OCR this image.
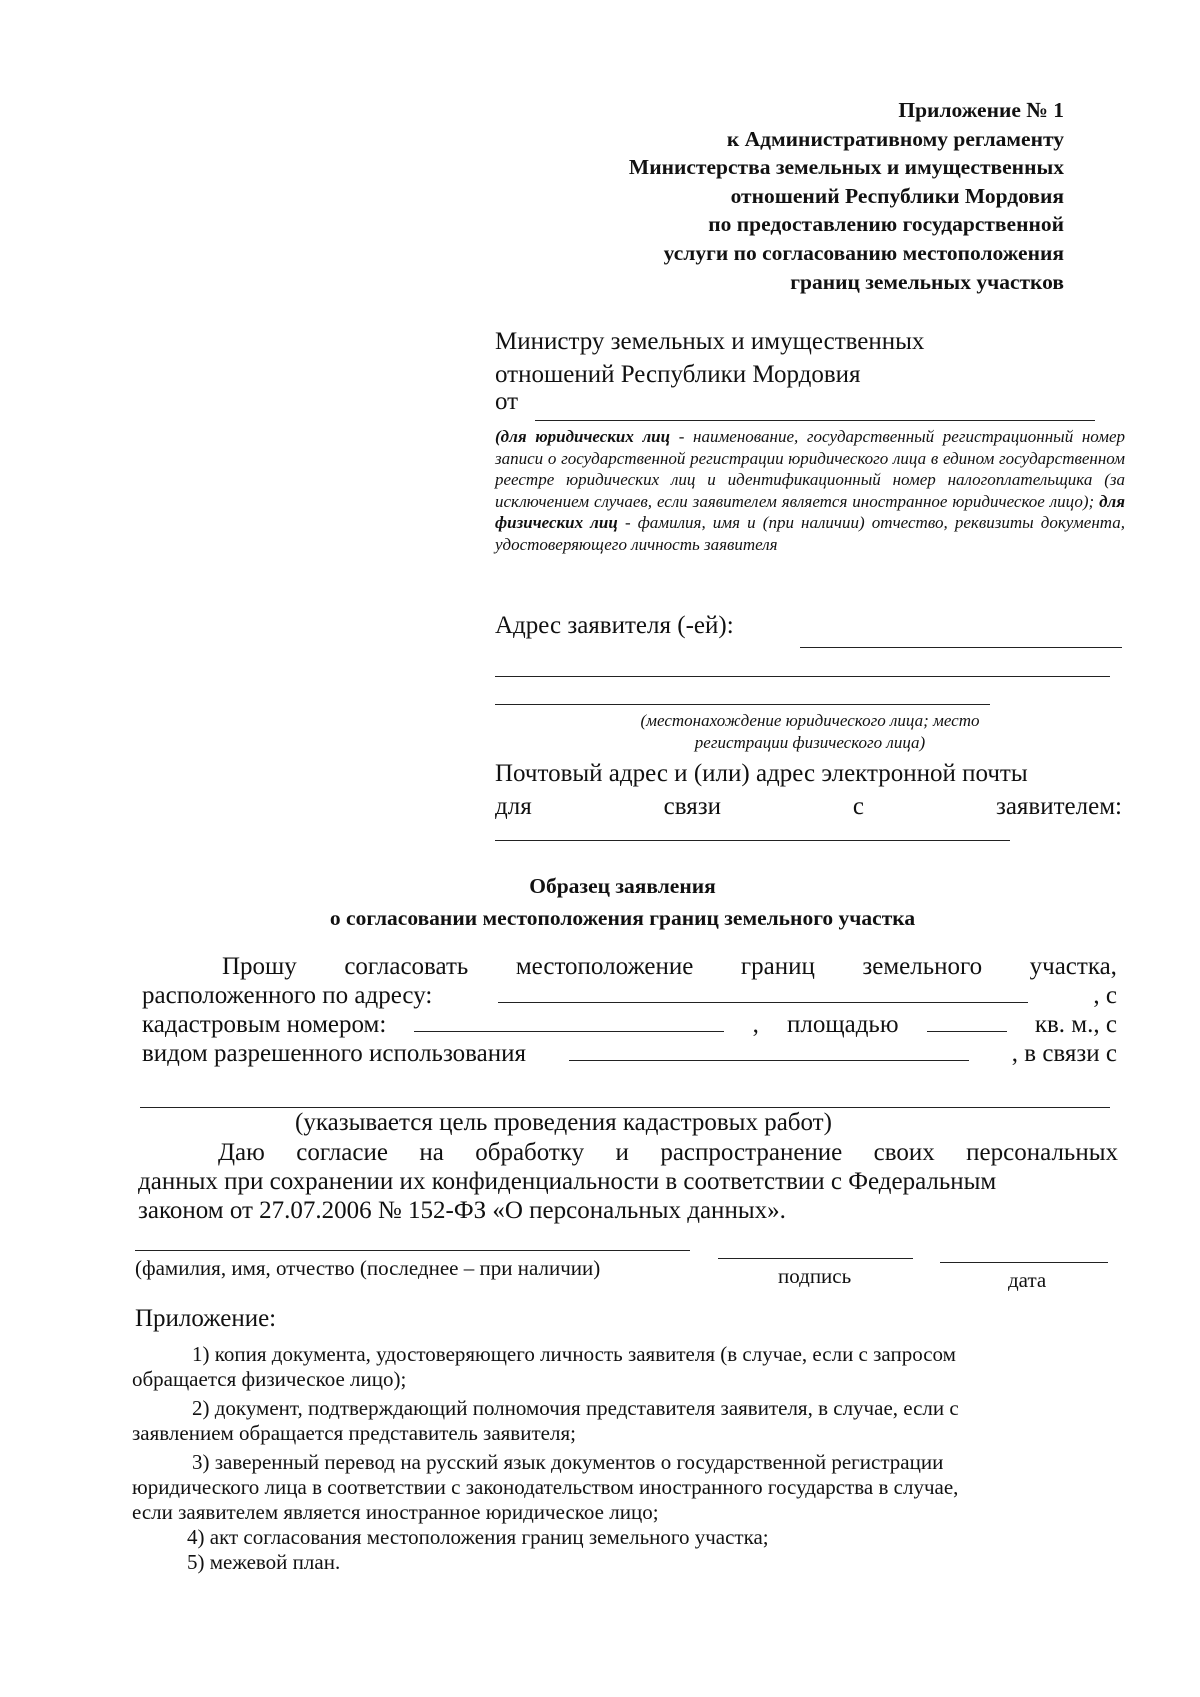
Приложение № 1
к Административному регламенту
Министерства земельных и имущественных
отношений Республики Мордовия
по предоставлению государственной
услуги по согласованию местоположения
границ земельных участков
Министру земельных и имущественных
отношений Республики Мордовия
от
(для юридических лиц - наименование, государственный регистрационный номер записи о государственной регистрации юридического лица в едином государственном реестре юридических лиц и идентификационный номер налогоплательщика (за исключением случаев, если заявителем является иностранное юридическое лицо); для физических лиц - фамилия, имя и (при наличии) отчество, реквизиты документа, удостоверяющего личность заявителя
Адрес заявителя (-ей):
(местонахождение юридического лица; место
регистрации физического лица)
Почтовый адрес и (или) адрес электронной почты
для	связи	с	заявителем:
Образец заявления
о согласовании местоположения границ земельного участка
Прошу согласовать местоположение границ земельного участка,
расположенного по адресу:	, с
кадастровым номером:	, площадью	кв. м., с
видом разрешенного использования	, в связи с
(указывается цель проведения кадастровых работ)
Даю согласие на обработку и распространение своих персональных
данных при сохранении их конфиденциальности в соответствии с Федеральным
законом от 27.07.2006 № 152-ФЗ «О персональных данных».
(фамилия, имя, отчество (последнее – при наличии)	подпись	дата
Приложение:
1) копия документа, удостоверяющего личность заявителя (в случае, если с запросом
обращается физическое лицо);
2) документ, подтверждающий полномочия представителя заявителя, в случае, если с
заявлением обращается представитель заявителя;
3) заверенный перевод на русский язык документов о государственной регистрации
юридического лица в соответствии с законодательством иностранного государства в случае,
если заявителем является иностранное юридическое лицо;
4) акт согласования местоположения границ земельного участка;
5) межевой план.
